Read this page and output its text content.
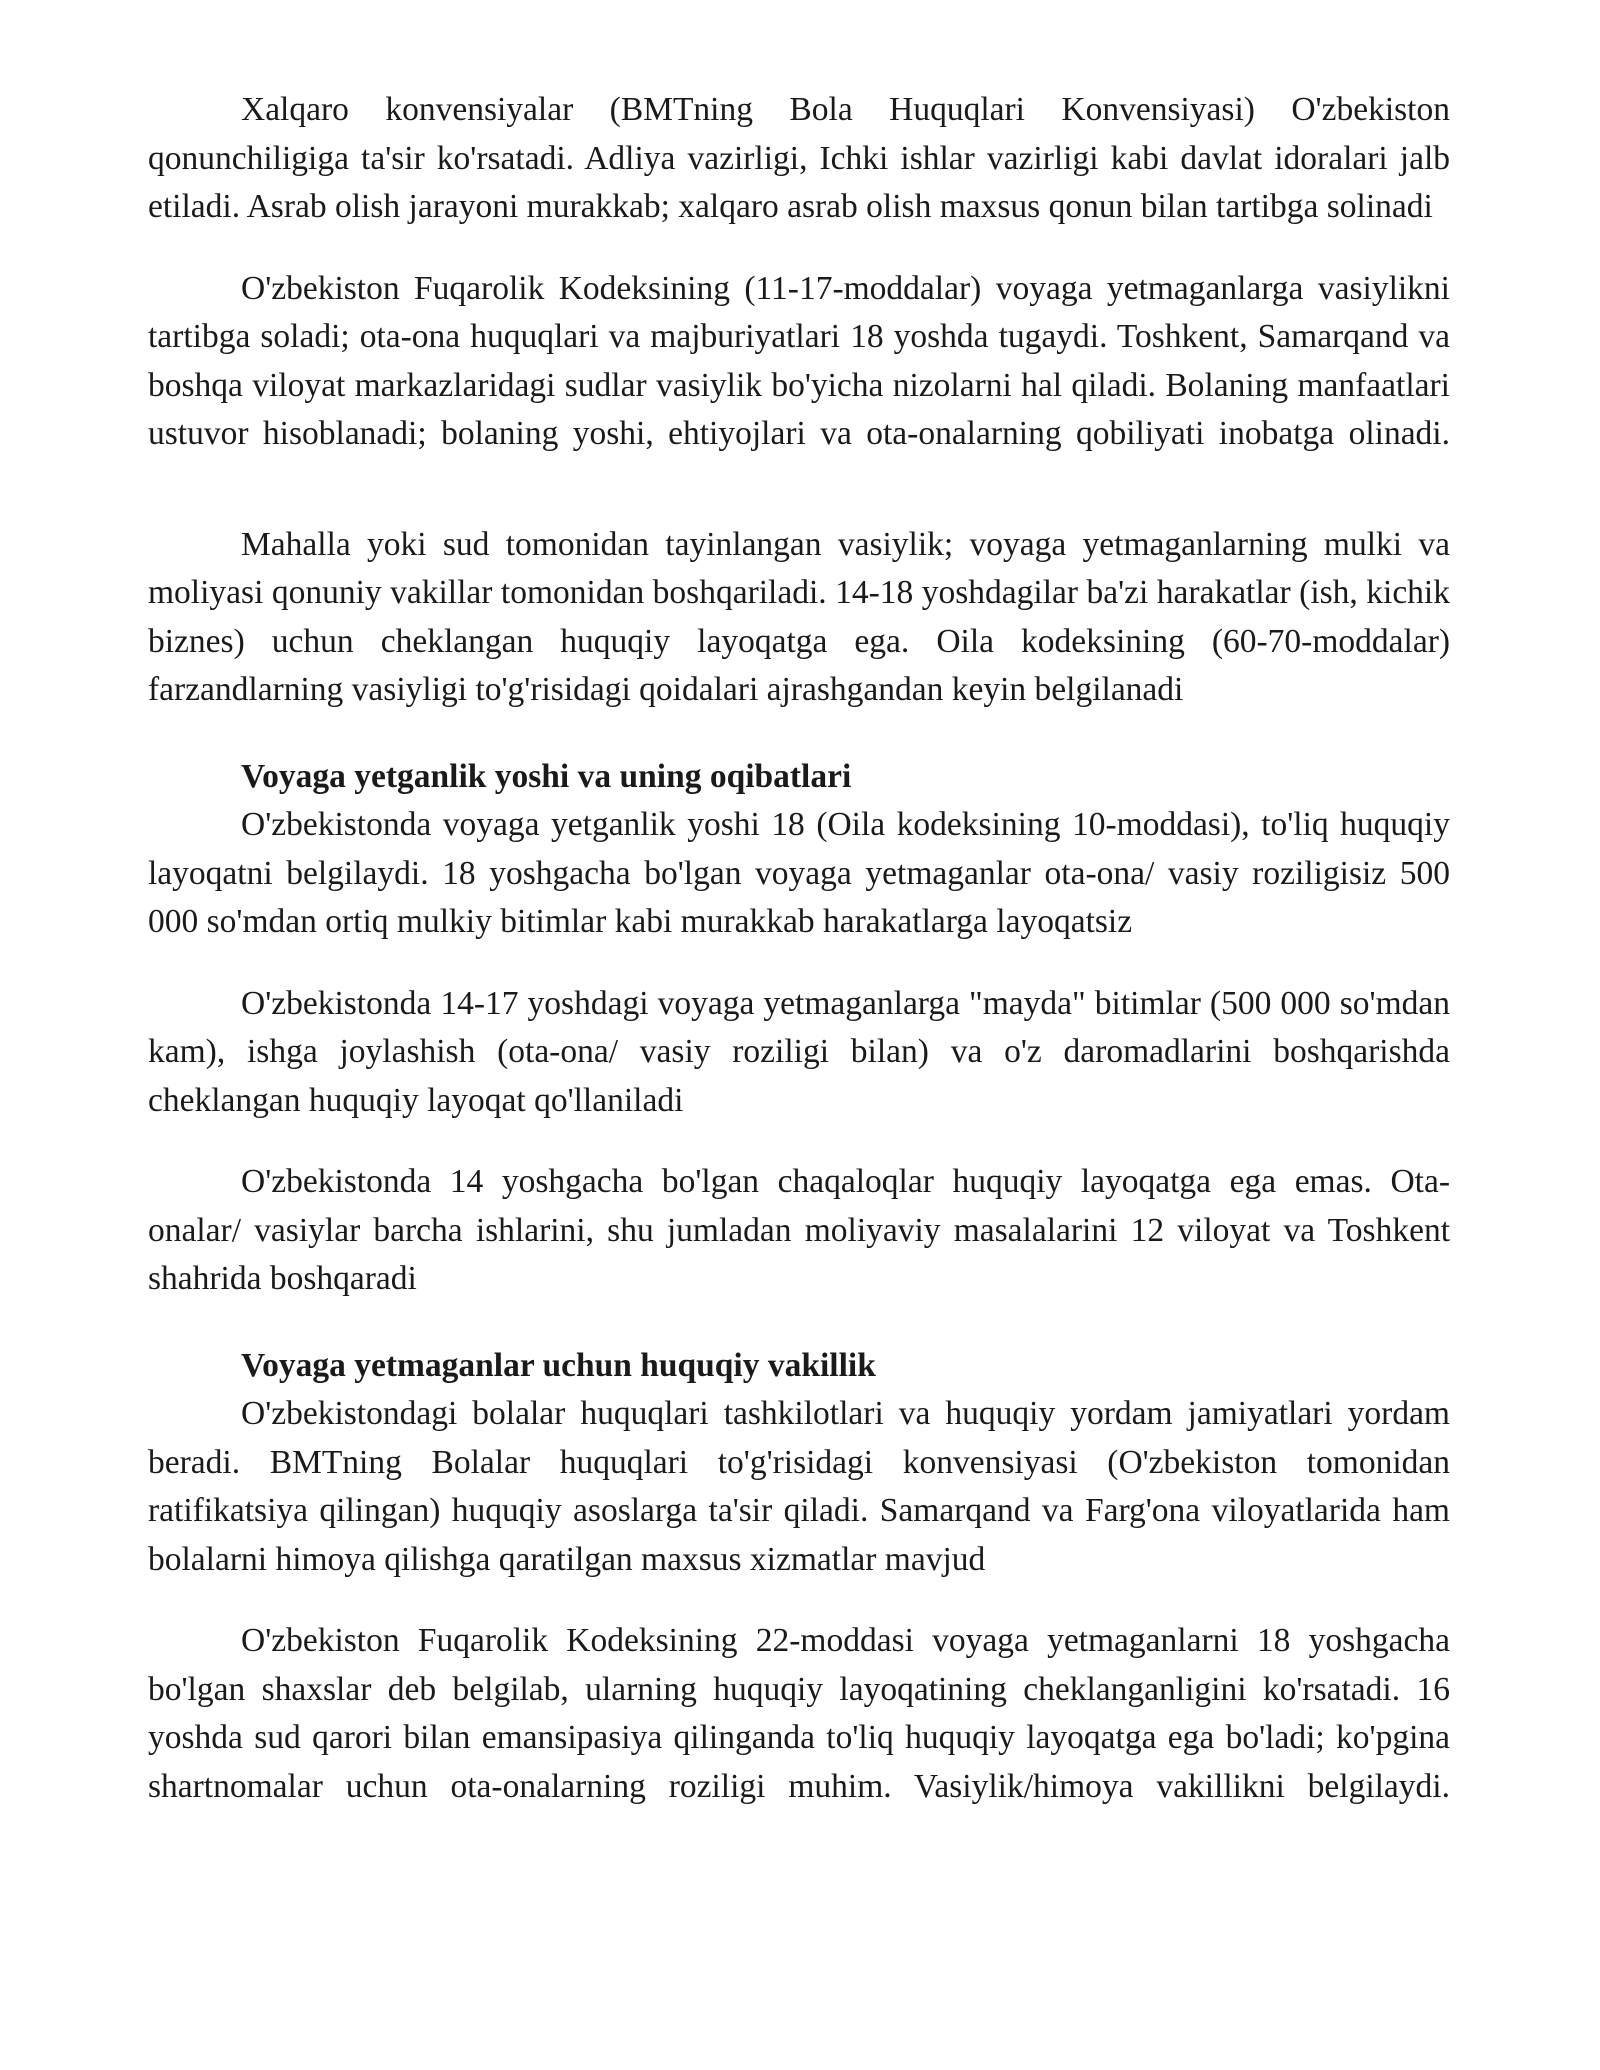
Xalqaro konvensiyalar (BMTning Bola Huquqlari Konvensiyasi) O'zbekiston qonunchiligiga ta'sir ko'rsatadi. Adliya vazirligi, Ichki ishlar vazirligi kabi davlat idoralari jalb etiladi. Asrab olish jarayoni murakkab; xalqaro asrab olish maxsus qonun bilan tartibga solinadi

O'zbekiston Fuqarolik Kodeksining (11-17-moddalar) voyaga yetmaganlarga vasiylikni tartibga soladi; ota-ona huquqlari va majburiyatlari 18 yoshda tugaydi. Toshkent, Samarqand va boshqa viloyat markazlaridagi sudlar vasiylik bo'yicha nizolarni hal qiladi. Bolaning manfaatlari ustuvor hisoblanadi; bolaning yoshi, ehtiyojlari va ota-onalarning qobiliyati inobatga olinadi.

Mahalla yoki sud tomonidan tayinlangan vasiylik; voyaga yetmaganlarning mulki va moliyasi qonuniy vakillar tomonidan boshqariladi. 14-18 yoshdagilar ba'zi harakatlar (ish, kichik biznes) uchun cheklangan huquqiy layoqatga ega. Oila kodeksining (60-70-moddalar) farzandlarning vasiyligi to'g'risidagi qoidalari ajrashgandan keyin belgilanadi

Voyaga yetganlik yoshi va uning oqibatlari

O'zbekistonda voyaga yetganlik yoshi 18 (Oila kodeksining 10-moddasi), to'liq huquqiy layoqatni belgilaydi. 18 yoshgacha bo'lgan voyaga yetmaganlar ota-ona/ vasiy roziligisiz 500 000 so'mdan ortiq mulkiy bitimlar kabi murakkab harakatlarga layoqatsiz

O'zbekistonda 14-17 yoshdagi voyaga yetmaganlarga "mayda" bitimlar (500 000 so'mdan kam), ishga joylashish (ota-ona/ vasiy roziligi bilan) va o'z daromadlarini boshqarishda cheklangan huquqiy layoqat qo'llaniladi

O'zbekistonda 14 yoshgacha bo'lgan chaqaloqlar huquqiy layoqatga ega emas. Ota-onalar/ vasiylar barcha ishlarini, shu jumladan moliyaviy masalalarini 12 viloyat va Toshkent shahrida boshqaradi

Voyaga yetmaganlar uchun huquqiy vakillik

O'zbekistondagi bolalar huquqlari tashkilotlari va huquqiy yordam jamiyatlari yordam beradi. BMTning Bolalar huquqlari to'g'risidagi konvensiyasi (O'zbekiston tomonidan ratifikatsiya qilingan) huquqiy asoslarga ta'sir qiladi. Samarqand va Farg'ona viloyatlarida ham bolalarni himoya qilishga qaratilgan maxsus xizmatlar mavjud

O'zbekiston Fuqarolik Kodeksining 22-moddasi voyaga yetmaganlarni 18 yoshgacha bo'lgan shaxslar deb belgilab, ularning huquqiy layoqatining cheklanganligini ko'rsatadi. 16 yoshda sud qarori bilan emansipasiya qilinganda to'liq huquqiy layoqatga ega bo'ladi; ko'pgina shartnomalar uchun ota-onalarning roziligi muhim. Vasiylik/himoya vakillikni belgilaydi.
